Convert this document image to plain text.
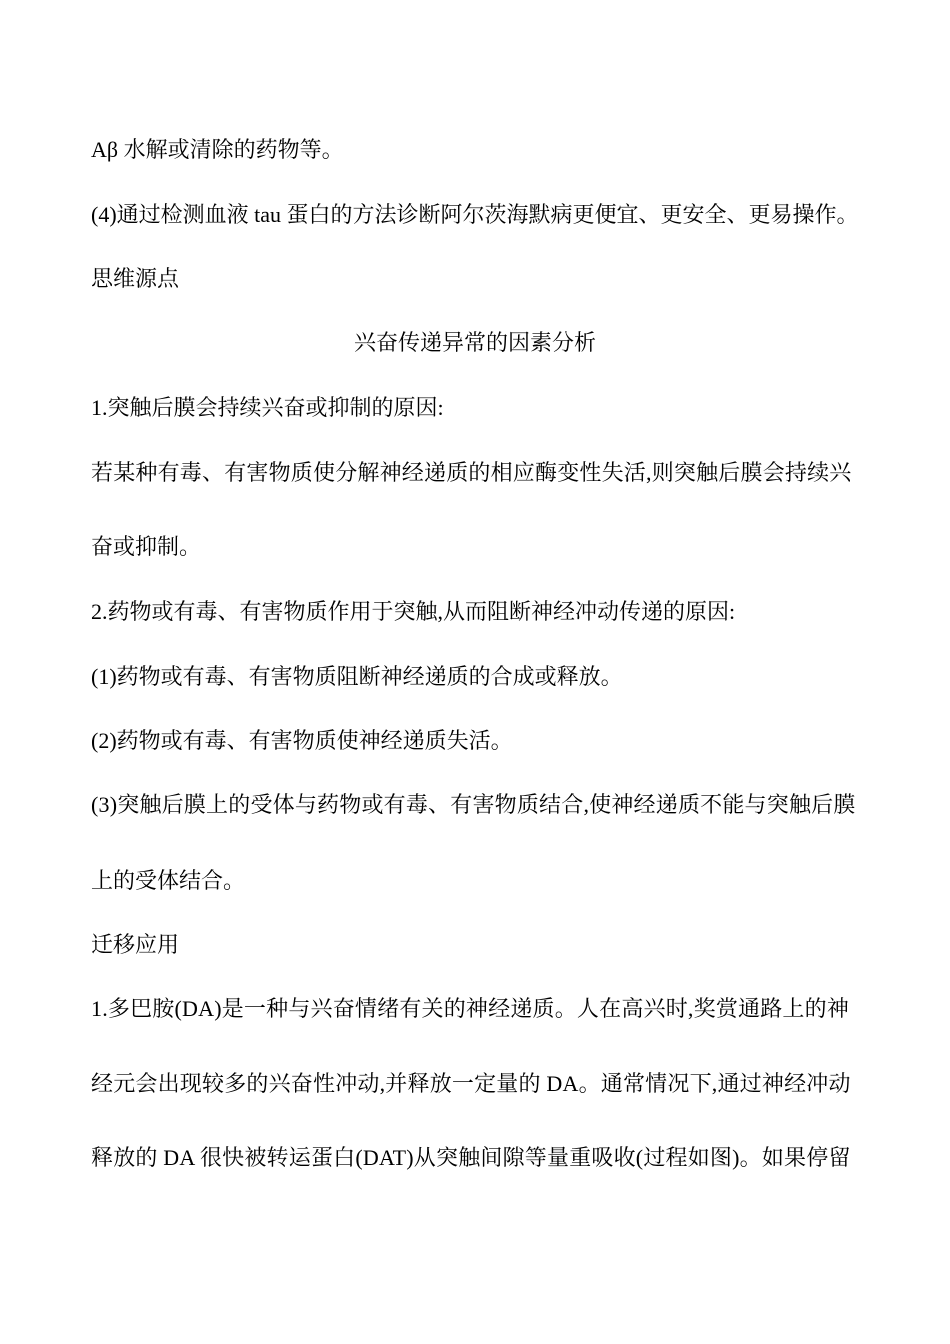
Aβ 水解或清除的药物等。

(4)通过检测血液 tau 蛋白的方法诊断阿尔茨海默病更便宜、更安全、更易操作。

思维源点

兴奋传递异常的因素分析

1.突触后膜会持续兴奋或抑制的原因:

若某种有毒、有害物质使分解神经递质的相应酶变性失活,则突触后膜会持续兴

奋或抑制。

2.药物或有毒、有害物质作用于突触,从而阻断神经冲动传递的原因:

(1)药物或有毒、有害物质阻断神经递质的合成或释放。

(2)药物或有毒、有害物质使神经递质失活。

(3)突触后膜上的受体与药物或有毒、有害物质结合,使神经递质不能与突触后膜

上的受体结合。

迁移应用

1.多巴胺(DA)是一种与兴奋情绪有关的神经递质。人在高兴时,奖赏通路上的神

经元会出现较多的兴奋性冲动,并释放一定量的 DA。通常情况下,通过神经冲动

释放的 DA 很快被转运蛋白(DAT)从突触间隙等量重吸收(过程如图)。如果停留
